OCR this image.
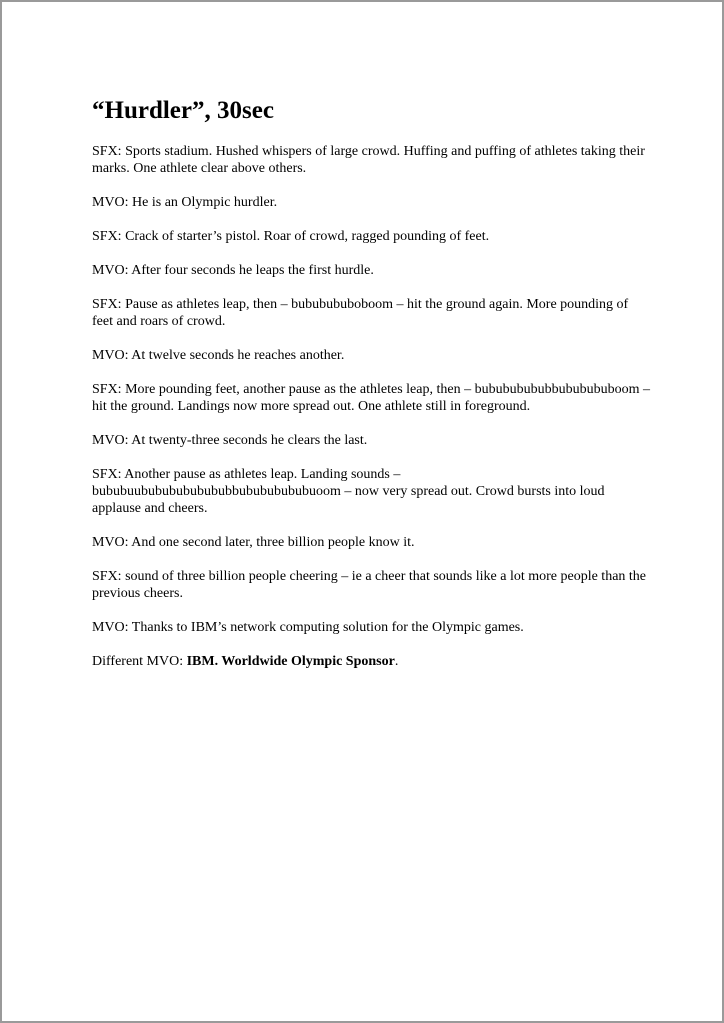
“Hurdler”, 30sec

SFX: Sports stadium. Hushed whispers of large crowd. Huffing and puffing of athletes taking their marks. One athlete clear above others.

MVO: He is an Olympic hurdler.

SFX: Crack of starter’s pistol. Roar of crowd, ragged pounding of feet.

MVO: After four seconds he leaps the first hurdle.

SFX: Pause as athletes leap, then – bububububoboom – hit the ground again. More pounding of feet and roars of crowd.

MVO: At twelve seconds he reaches another.

SFX: More pounding feet, another pause as the athletes leap, then – bubububububbububububoom – hit the ground. Landings now more spread out. One athlete still in foreground.

MVO: At twenty-three seconds he clears the last.

SFX: Another pause as athletes leap. Landing sounds – bububuubububububububbubububububuoom – now very spread out. Crowd bursts into loud applause and cheers.

MVO: And one second later, three billion people know it.

SFX: sound of three billion people cheering – ie a cheer that sounds like a lot more people than the previous cheers.

MVO: Thanks to IBM’s network computing solution for the Olympic games.

Different MVO: IBM. Worldwide Olympic Sponsor.
